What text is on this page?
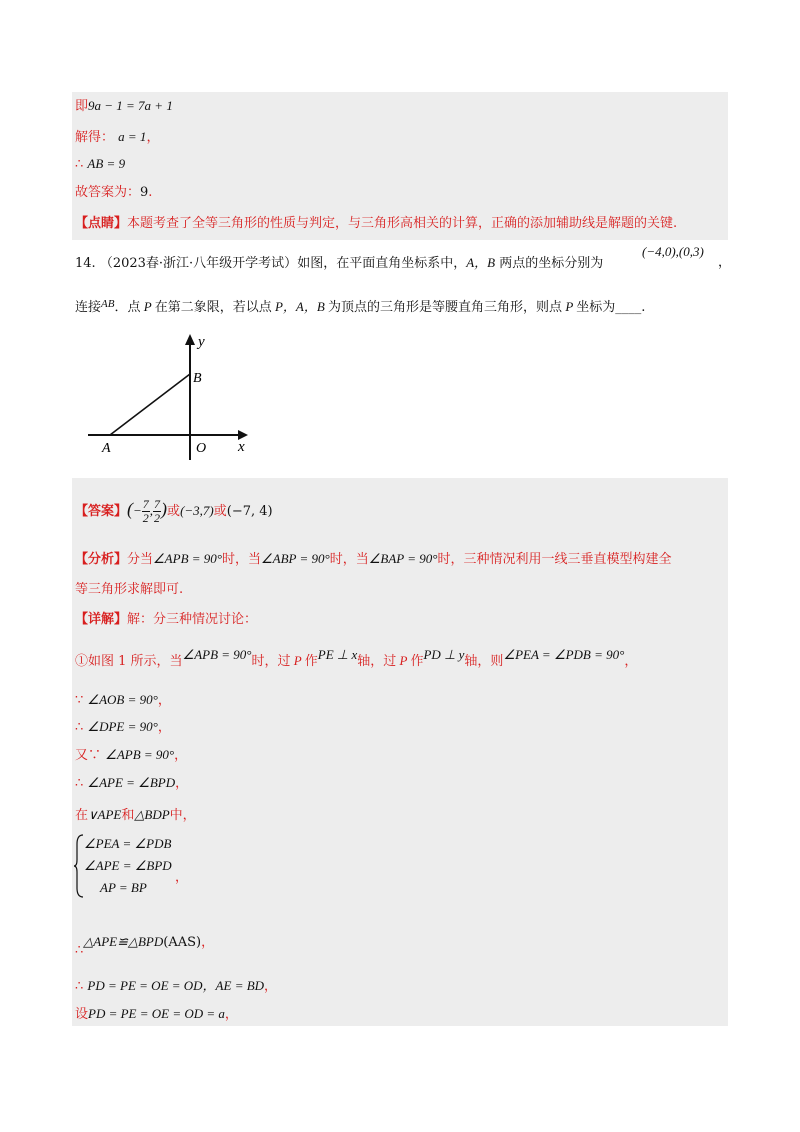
即9a − 1 = 7a + 1
解得： a = 1，
∴ AB = 9
故答案为：9.
【点睛】本题考查了全等三角形的性质与判定，与三角形高相关的计算，正确的添加辅助线是解题的关键.
14. （2023春·浙江·八年级开学考试）如图，在平面直角坐标系中，A，B 两点的坐标分别为
(−4,0),(0,3)
，
连接$^{AB}$．点 P 在第二象限，若以点 P，A，B 为顶点的三角形是等腰直角三角形，则点 P 坐标为____.
y
x
B
A	O
【答案】(− $\frac{7}{2}$ , $\frac{7}{2}$ )或(−3,7)或(−7, 4)
【分析】分当∠APB = 90°时，当∠ABP = 90°时，当∠BAP = 90°时，三种情况利用一线三垂直模型构建全
等三角形求解即可.
【详解】解：分三种情况讨论：
①如图 1 所示，当∠APB = 90°时，过 P 作PE ⊥ x轴，过 P 作PD ⊥ y轴，则∠PEA = ∠PDB = 90°，
∵ ∠AOB = 90°，
∴ ∠DPE = 90°，
又∵ ∠APB = 90°，
∴ ∠APE = ∠BPD，
在∨APE和△BDP中，
∠PEA = ∠PDB
∠APE = ∠BPD
AP = BP
，
∴△APE≌△BPD(AAS)，
∴ PD = PE = OE = OD，AE = BD，
设PD = PE = OE = OD = a，
